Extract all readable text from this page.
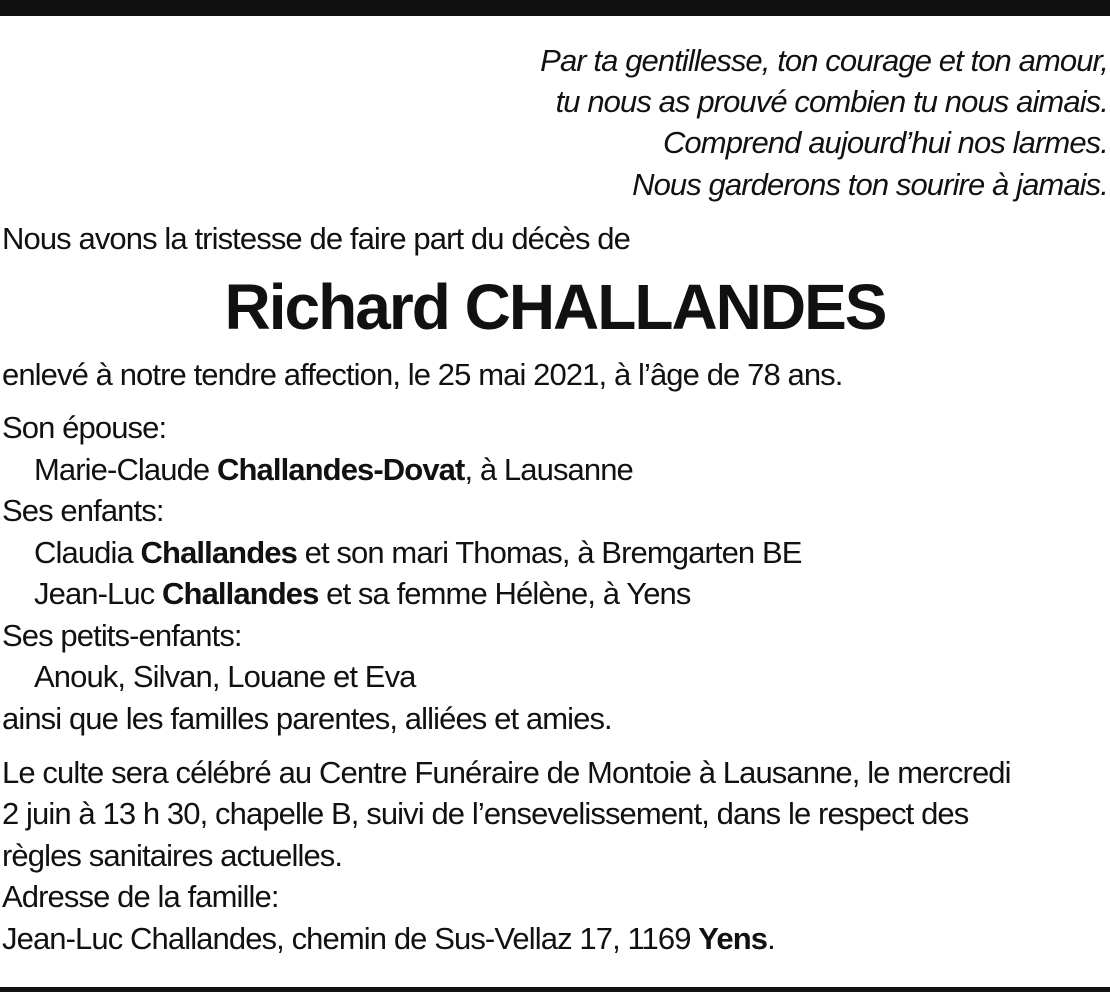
Par ta gentillesse, ton courage et ton amour,
tu nous as prouvé combien tu nous aimais.
Comprend aujourd’hui nos larmes.
Nous garderons ton sourire à jamais.
Nous avons la tristesse de faire part du décès de
Richard CHALLANDES
enlevé à notre tendre affection, le 25 mai 2021, à l’âge de 78 ans.
Son épouse:
Marie-Claude Challandes-Dovat, à Lausanne
Ses enfants:
Claudia Challandes et son mari Thomas, à Bremgarten BE
Jean-Luc Challandes et sa femme Hélène, à Yens
Ses petits-enfants:
Anouk, Silvan, Louane et Eva
ainsi que les familles parentes, alliées et amies.
Le culte sera célébré au Centre Funéraire de Montoie à Lausanne, le mercredi
2 juin à 13 h 30, chapelle B, suivi de l’ensevelissement, dans le respect des
règles sanitaires actuelles.
Adresse de la famille:
Jean-Luc Challandes, chemin de Sus-Vellaz 17, 1169 Yens.
